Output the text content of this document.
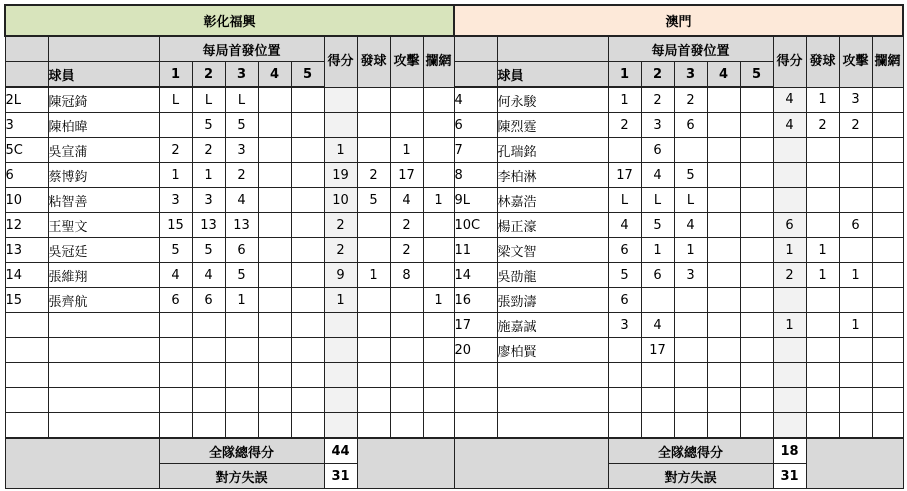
彰化福興										
		每局首發位置					得分	發球	攻擊	攔網
	球員	1	2	3	4	5				
2L	陳冠錡	L	L	L						
3	陳柏暐		5	5						
5C	吳宣蒲	2	2	3			1		1	
6	蔡博鈞	1	1	2			19	2	17	
10	粘智善	3	3	4			10	5	4	1
12	王聖文	15	13	13			2		2	
13	吳冠廷	5	5	6			2		2	
14	張維翔	4	4	5			9	1	8	
15	張齊航	6	6	1			1			1

		全隊總得分					44			
		對方失誤					31			
澳門										
		每局首發位置					得分	發球	攻擊	攔網
	球員	1	2	3	4	5				
4	何永駿	1	2	2			4	1	3	
6	陳烈霆	2	3	6			4	2	2	
7	孔瑞銘		6							
8	李柏淋	17	4	5						
9L	林嘉浩	L	L	L						
10C	楊正濠	4	5	4			6		6	
11	梁文智	6	1	1			1	1		
14	吳劭龍	5	6	3			2	1	1	
16	張勁濤	6								
17	施嘉誠	3	4				1		1	
20	廖柏賢		17							

		全隊總得分					18			
		對方失誤					31			
